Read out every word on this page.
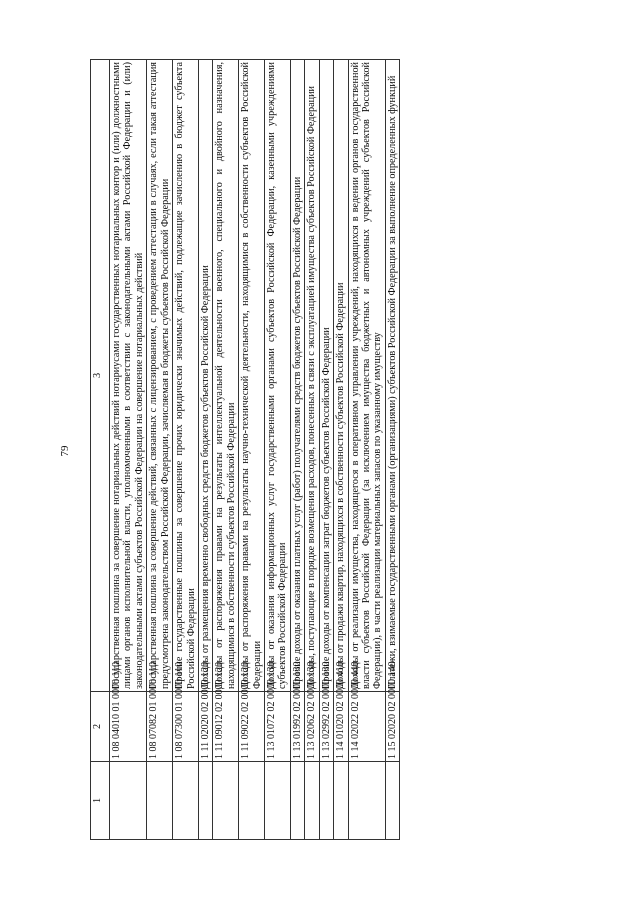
79
1	2	3
	1 08 04010 01 0000 110	Государственная пошлина за совершение нотариальных действий нотариусами государственных нотариальных контор и (или) должностными лицами органов исполнительной власти, уполномоченными в соответствии с законодательными актами Российской Федерации и (или) законодательными актами субъектов Российской Федерации на совершение нотариальных действий
	1 08 07082 01 0000 110	Государственная пошлина за совершение действий, связанных с лицензированием, с проведением аттестации в случаях, если такая аттестация предусмотрена законодательством Российской Федерации, зачисляемая в бюджеты субъектов Российской Федерации
	1 08 07300 01 0000 110	Прочие государственные пошлины за совершение прочих юридически значимых действий, подлежащие зачислению в бюджет субъекта Российской Федерации
	1 11 02020 02 0000 120	Доходы от размещения временно свободных средств бюджетов субъектов Российской Федерации
	1 11 09012 02 0000 120	Доходы от распоряжения правами на результаты интеллектуальной деятельности военного, специального и двойного назначения, находящимися в собственности субъектов Российской Федерации
	1 11 09022 02 0000 120	Доходы от распоряжения правами на результаты научно-технической деятельности, находящимися в собственности субъектов Российской Федерации
	1 13 01072 02 0000 130	Доходы от оказания информационных услуг государственными органами субъектов Российской Федерации, казенными учреждениями субъектов Российской Федерации
	1 13 01992 02 0000 130	Прочие доходы от оказания платных услуг (работ) получателями средств бюджетов субъектов Российской Федерации
	1 13 02062 02 0000 130	Доходы, поступающие в порядке возмещения расходов, понесенных в связи с эксплуатацией имущества субъектов Российской Федерации
	1 13 02992 02 0000 130	Прочие доходы от компенсации затрат бюджетов субъектов Российской Федерации
	1 14 01020 02 0000 410	Доходы от продажи квартир, находящихся в собственности субъектов Российской Федерации
	1 14 02022 02 0000 440	Доходы от реализации имущества, находящегося в оперативном управлении учреждений, находящихся в ведении органов государственной власти субъектов Российской Федерации (за исключением имущества бюджетных и автономных учреждений субъектов Российской Федерации), в части реализации материальных запасов по указанному имуществу
	1 15 02020 02 0000 140	Платежи, взимаемые государственными органами (организациями) субъектов Российской Федерации за выполнение определенных функций
